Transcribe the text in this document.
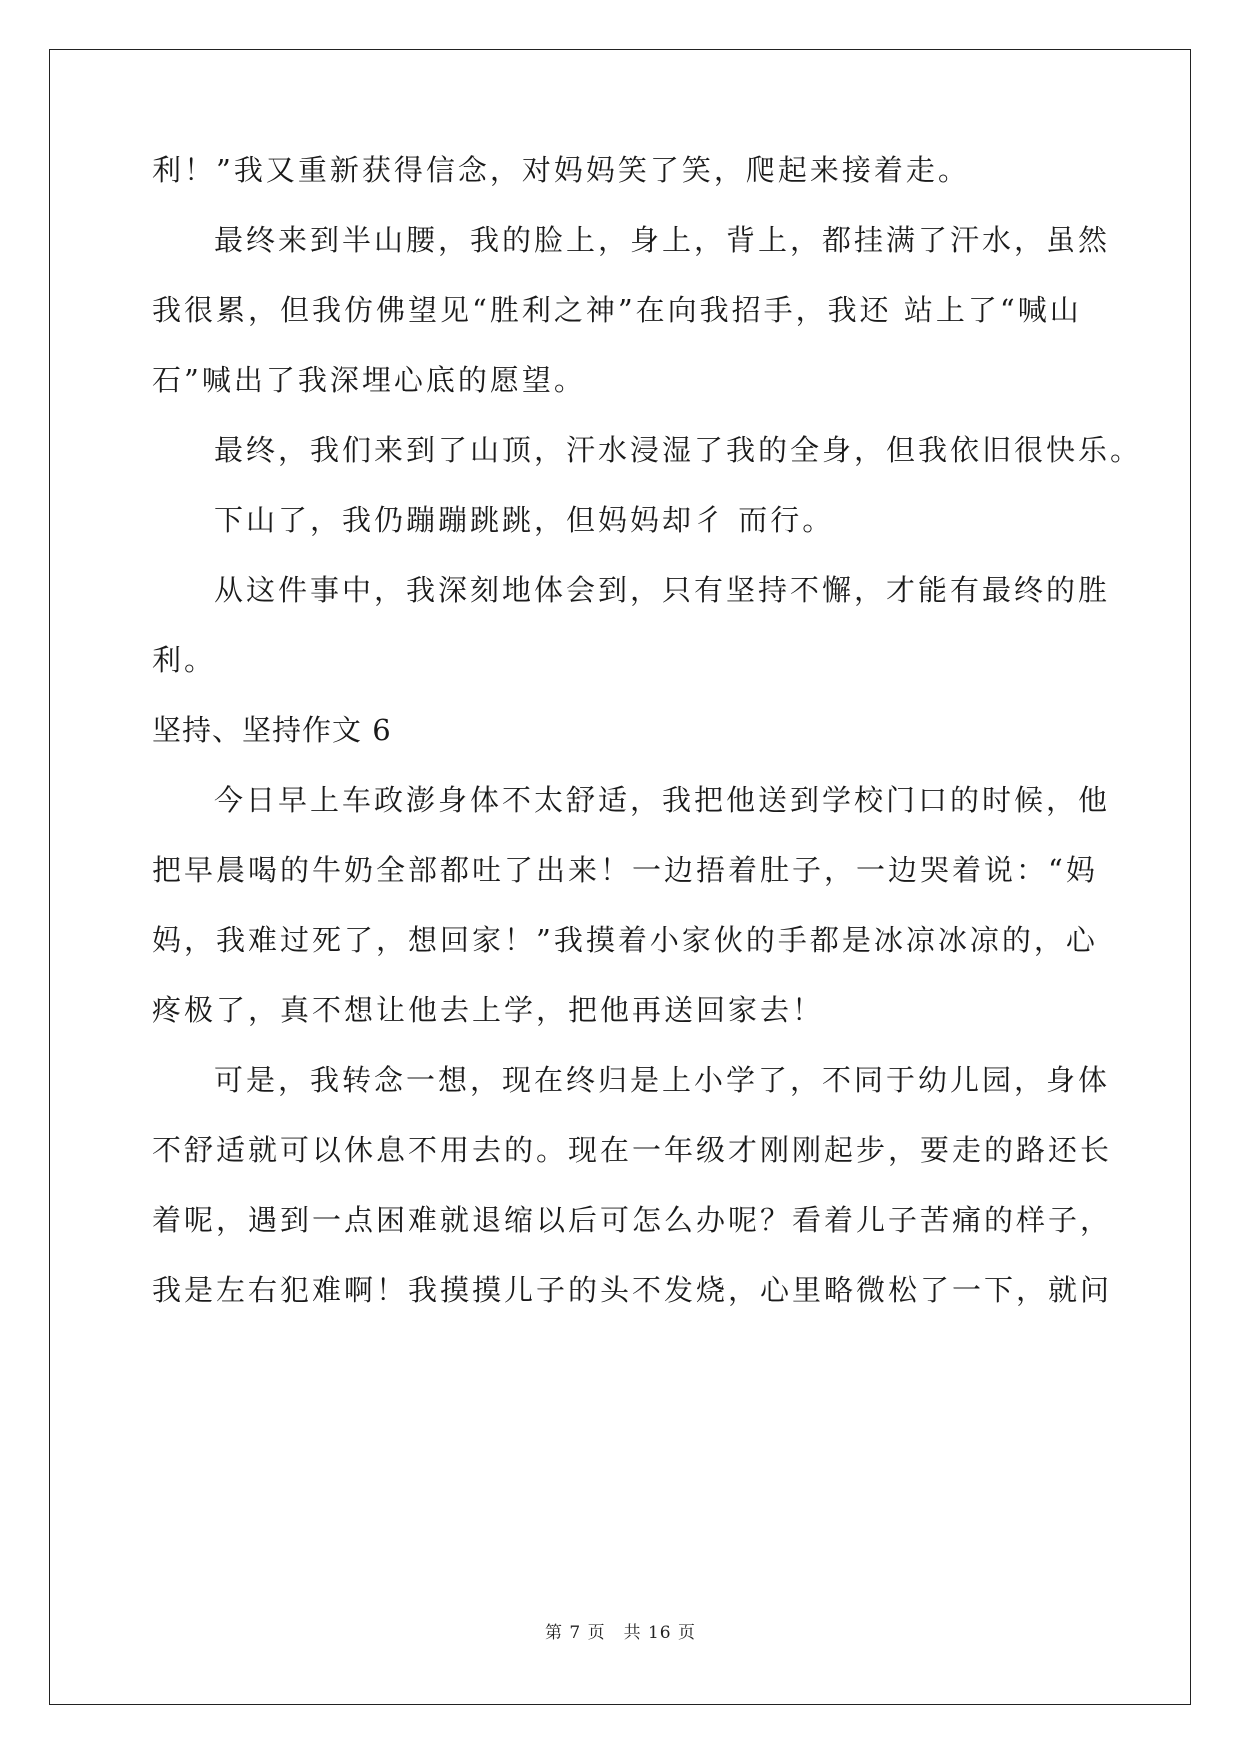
利！”我又重新获得信念，对妈妈笑了笑，爬起来接着走。
最终来到半山腰，我的脸上，身上，背上，都挂满了汗水，虽然
我很累，但我仿佛望见“胜利之神”在向我招手，我还 站上了“喊山
石”喊出了我深埋心底的愿望。
最终，我们来到了山顶，汗水浸湿了我的全身，但我依旧很快乐。
下山了，我仍蹦蹦跳跳，但妈妈却彳 而行。
从这件事中，我深刻地体会到，只有坚持不懈，才能有最终的胜
利。
坚持、坚持作文 6
今日早上车政澎身体不太舒适，我把他送到学校门口的时候，他
把早晨喝的牛奶全部都吐了出来！一边捂着肚子，一边哭着说：“妈
妈，我难过死了，想回家！”我摸着小家伙的手都是冰凉冰凉的，心
疼极了，真不想让他去上学，把他再送回家去！
可是，我转念一想，现在终归是上小学了，不同于幼儿园，身体
不舒适就可以休息不用去的。现在一年级才刚刚起步，要走的路还长
着呢，遇到一点困难就退缩以后可怎么办呢？看着儿子苦痛的样子，
我是左右犯难啊！我摸摸儿子的头不发烧，心里略微松了一下，就问
第 7 页 共 16 页
